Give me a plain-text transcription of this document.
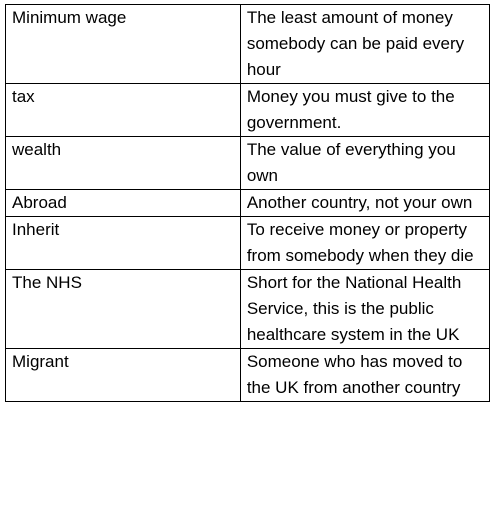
Minimum wage	The least amount of money somebody can be paid every hour

tax	Money you must give to the government.

wealth	The value of everything you own

Abroad	Another country, not your own

Inherit	To receive money or property from somebody when they die

The NHS	Short for the National Health Service, this is the public healthcare system in the UK

Migrant	Someone who has moved to the UK from another country
